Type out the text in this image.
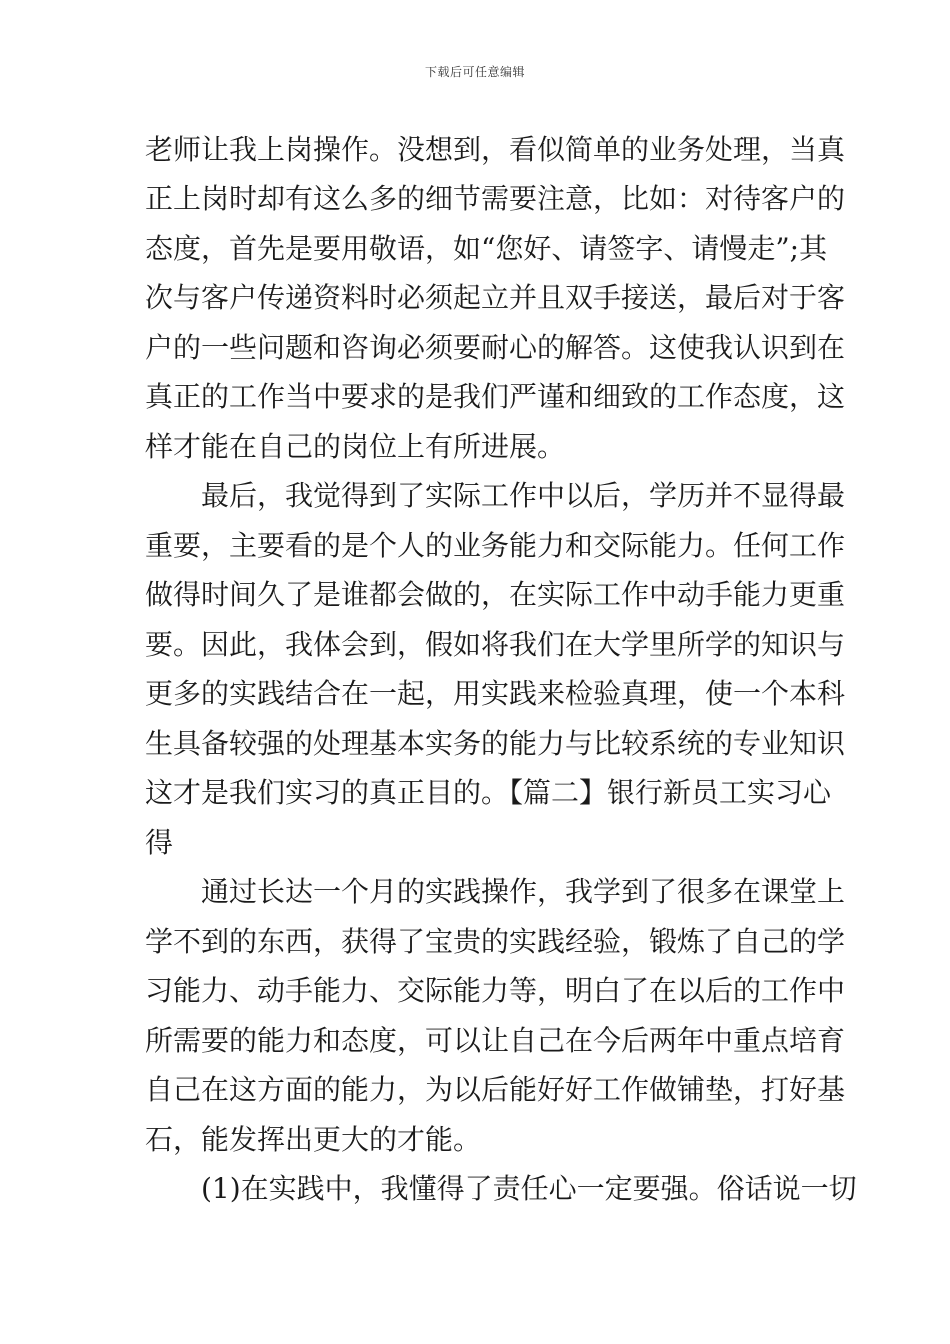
下载后可任意编辑
老师让我上岗操作。没想到，看似简单的业务处理，当真
正上岗时却有这么多的细节需要注意，比如：对待客户的
态度，首先是要用敬语，如“您好、请签字、请慢走”;其
次与客户传递资料时必须起立并且双手接送，最后对于客
户的一些问题和咨询必须要耐心的解答。这使我认识到在
真正的工作当中要求的是我们严谨和细致的工作态度，这
样才能在自己的岗位上有所进展。
最后，我觉得到了实际工作中以后，学历并不显得最
重要，主要看的是个人的业务能力和交际能力。任何工作
做得时间久了是谁都会做的，在实际工作中动手能力更重
要。因此，我体会到，假如将我们在大学里所学的知识与
更多的实践结合在一起，用实践来检验真理，使一个本科
生具备较强的处理基本实务的能力与比较系统的专业知识
这才是我们实习的真正目的。【篇二】银行新员工实习心
得
通过长达一个月的实践操作，我学到了很多在课堂上
学不到的东西，获得了宝贵的实践经验，锻炼了自己的学
习能力、动手能力、交际能力等，明白了在以后的工作中
所需要的能力和态度，可以让自己在今后两年中重点培育
自己在这方面的能力，为以后能好好工作做铺垫，打好基
石，能发挥出更大的才能。
(1)在实践中，我懂得了责任心一定要强。俗话说一切
